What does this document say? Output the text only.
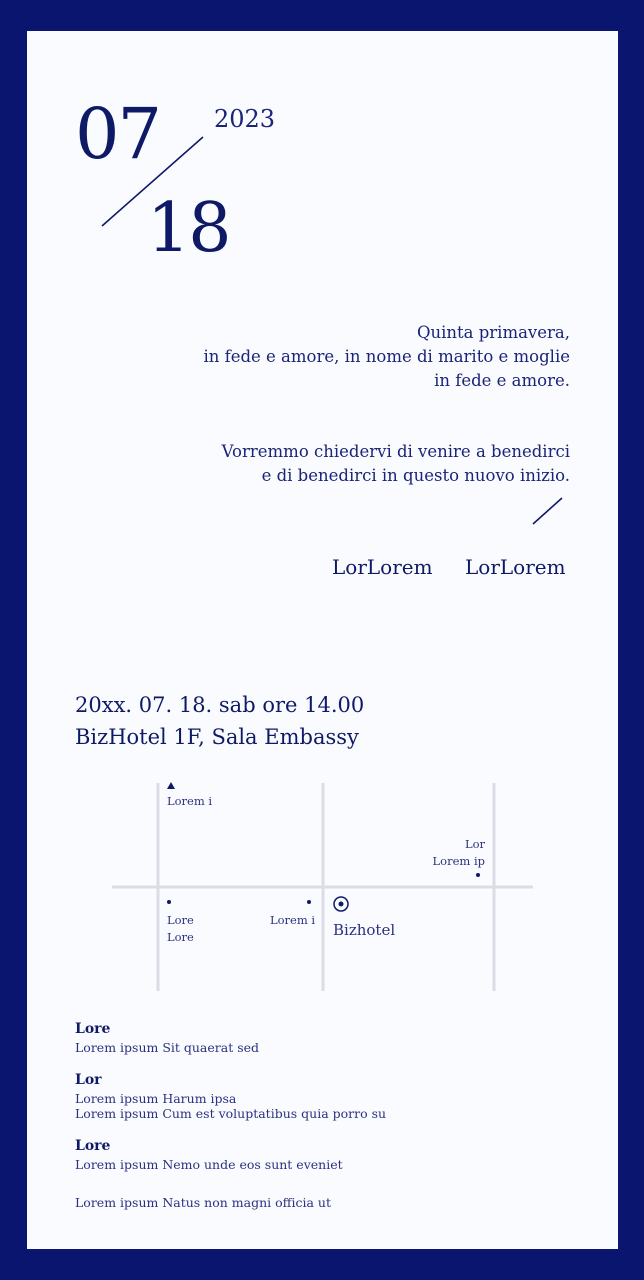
07 2023
18
Quinta primavera,
in fede e amore, in nome di marito e moglie
in fede e amore.
Vorremmo chiedervi di venire a benedirci
e di benedirci in questo nuovo inizio.
LorLorem LorLorem
20xx. 07. 18. sab ore 14.00
BizHotel 1F, Sala Embassy
Lorem i
Lor
Lorem ip
Lore
Lore
Lorem i
Bizhotel
Lore
Lorem ipsum Sit quaerat sed
Lor
Lorem ipsum Harum ipsa
Lorem ipsum Cum est voluptatibus quia porro su
Lore
Lorem ipsum Nemo unde eos sunt eveniet
Lorem ipsum Natus non magni officia ut
